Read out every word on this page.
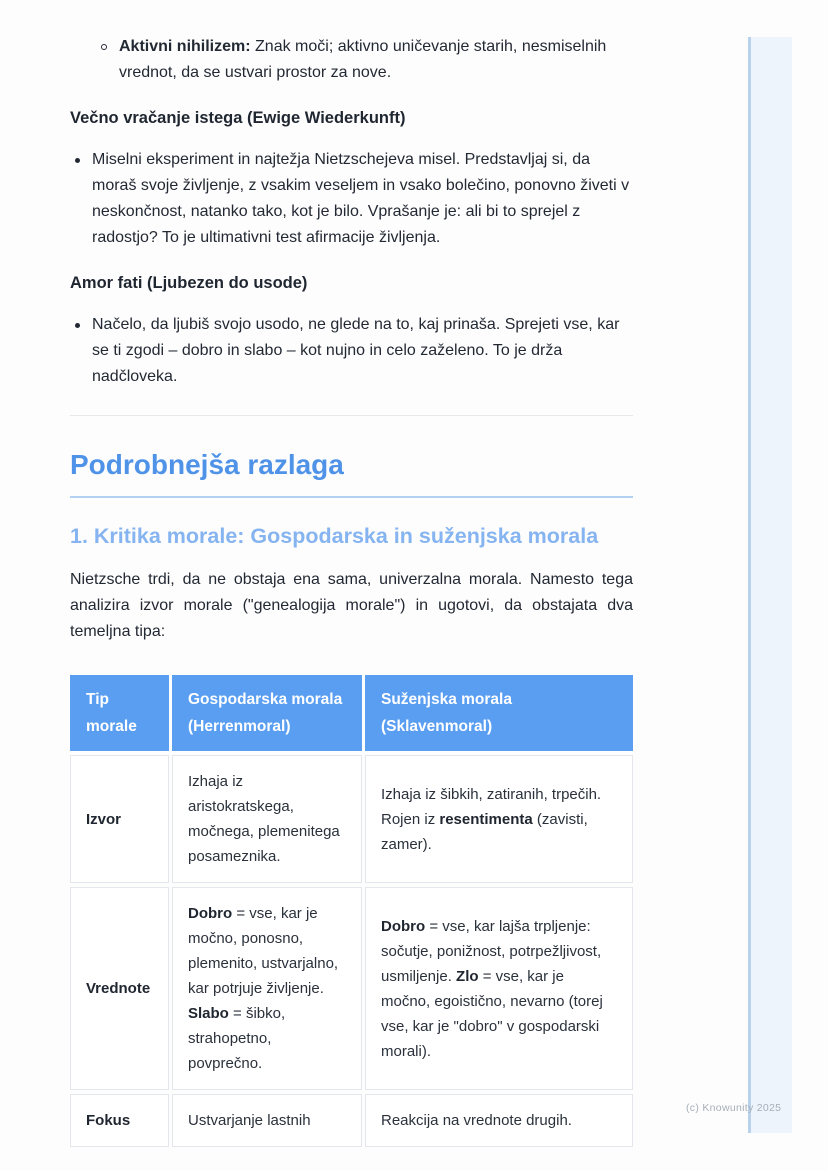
Aktivni nihilizem: Znak moči; aktivno uničevanje starih, nesmiselnih vrednot, da se ustvari prostor za nove.
Večno vračanje istega (Ewige Wiederkunft)
Miselni eksperiment in najtežja Nietzschejeva misel. Predstavljaj si, da moraš svoje življenje, z vsakim veseljem in vsako bolečino, ponovno živeti v neskončnost, natanko tako, kot je bilo. Vprašanje je: ali bi to sprejel z radostjo? To je ultimativni test afirmacije življenja.
Amor fati (Ljubezen do usode)
Načelo, da ljubiš svojo usodo, ne glede na to, kaj prinaša. Sprejeti vse, kar se ti zgodi – dobro in slabo – kot nujno in celo zaželeno. To je drža nadčloveka.
Podrobnejša razlaga
1. Kritika morale: Gospodarska in suženjska morala

Nietzsche trdi, da ne obstaja ena sama, univerzalna morala. Namesto tega analizira izvor morale ("genealogija morale") in ugotovi, da obstajata dva temeljna tipa:

Tip morale	Gospodarska morala (Herrenmoral)	Suženjska morala (Sklavenmoral)
Izvor	Izhaja iz aristokratskega, močnega, plemenitega posameznika.	Izhaja iz šibkih, zatiranih, trpečih. Rojen iz resentimenta (zavisti, zamer).
Vrednote	Dobro = vse, kar je močno, ponosno, plemenito, ustvarjalno, kar potrjuje življenje. Slabo = šibko, strahopetno, povprečno.	Dobro = vse, kar lajša trpljenje: sočutje, ponižnost, potrpežljivost, usmiljenje. Zlo = vse, kar je močno, egoistično, nevarno (torej vse, kar je "dobro" v gospodarski morali).
Fokus	Ustvarjanje lastnih	Reakcija na vrednote drugih.
(c) Knowunity 2025
